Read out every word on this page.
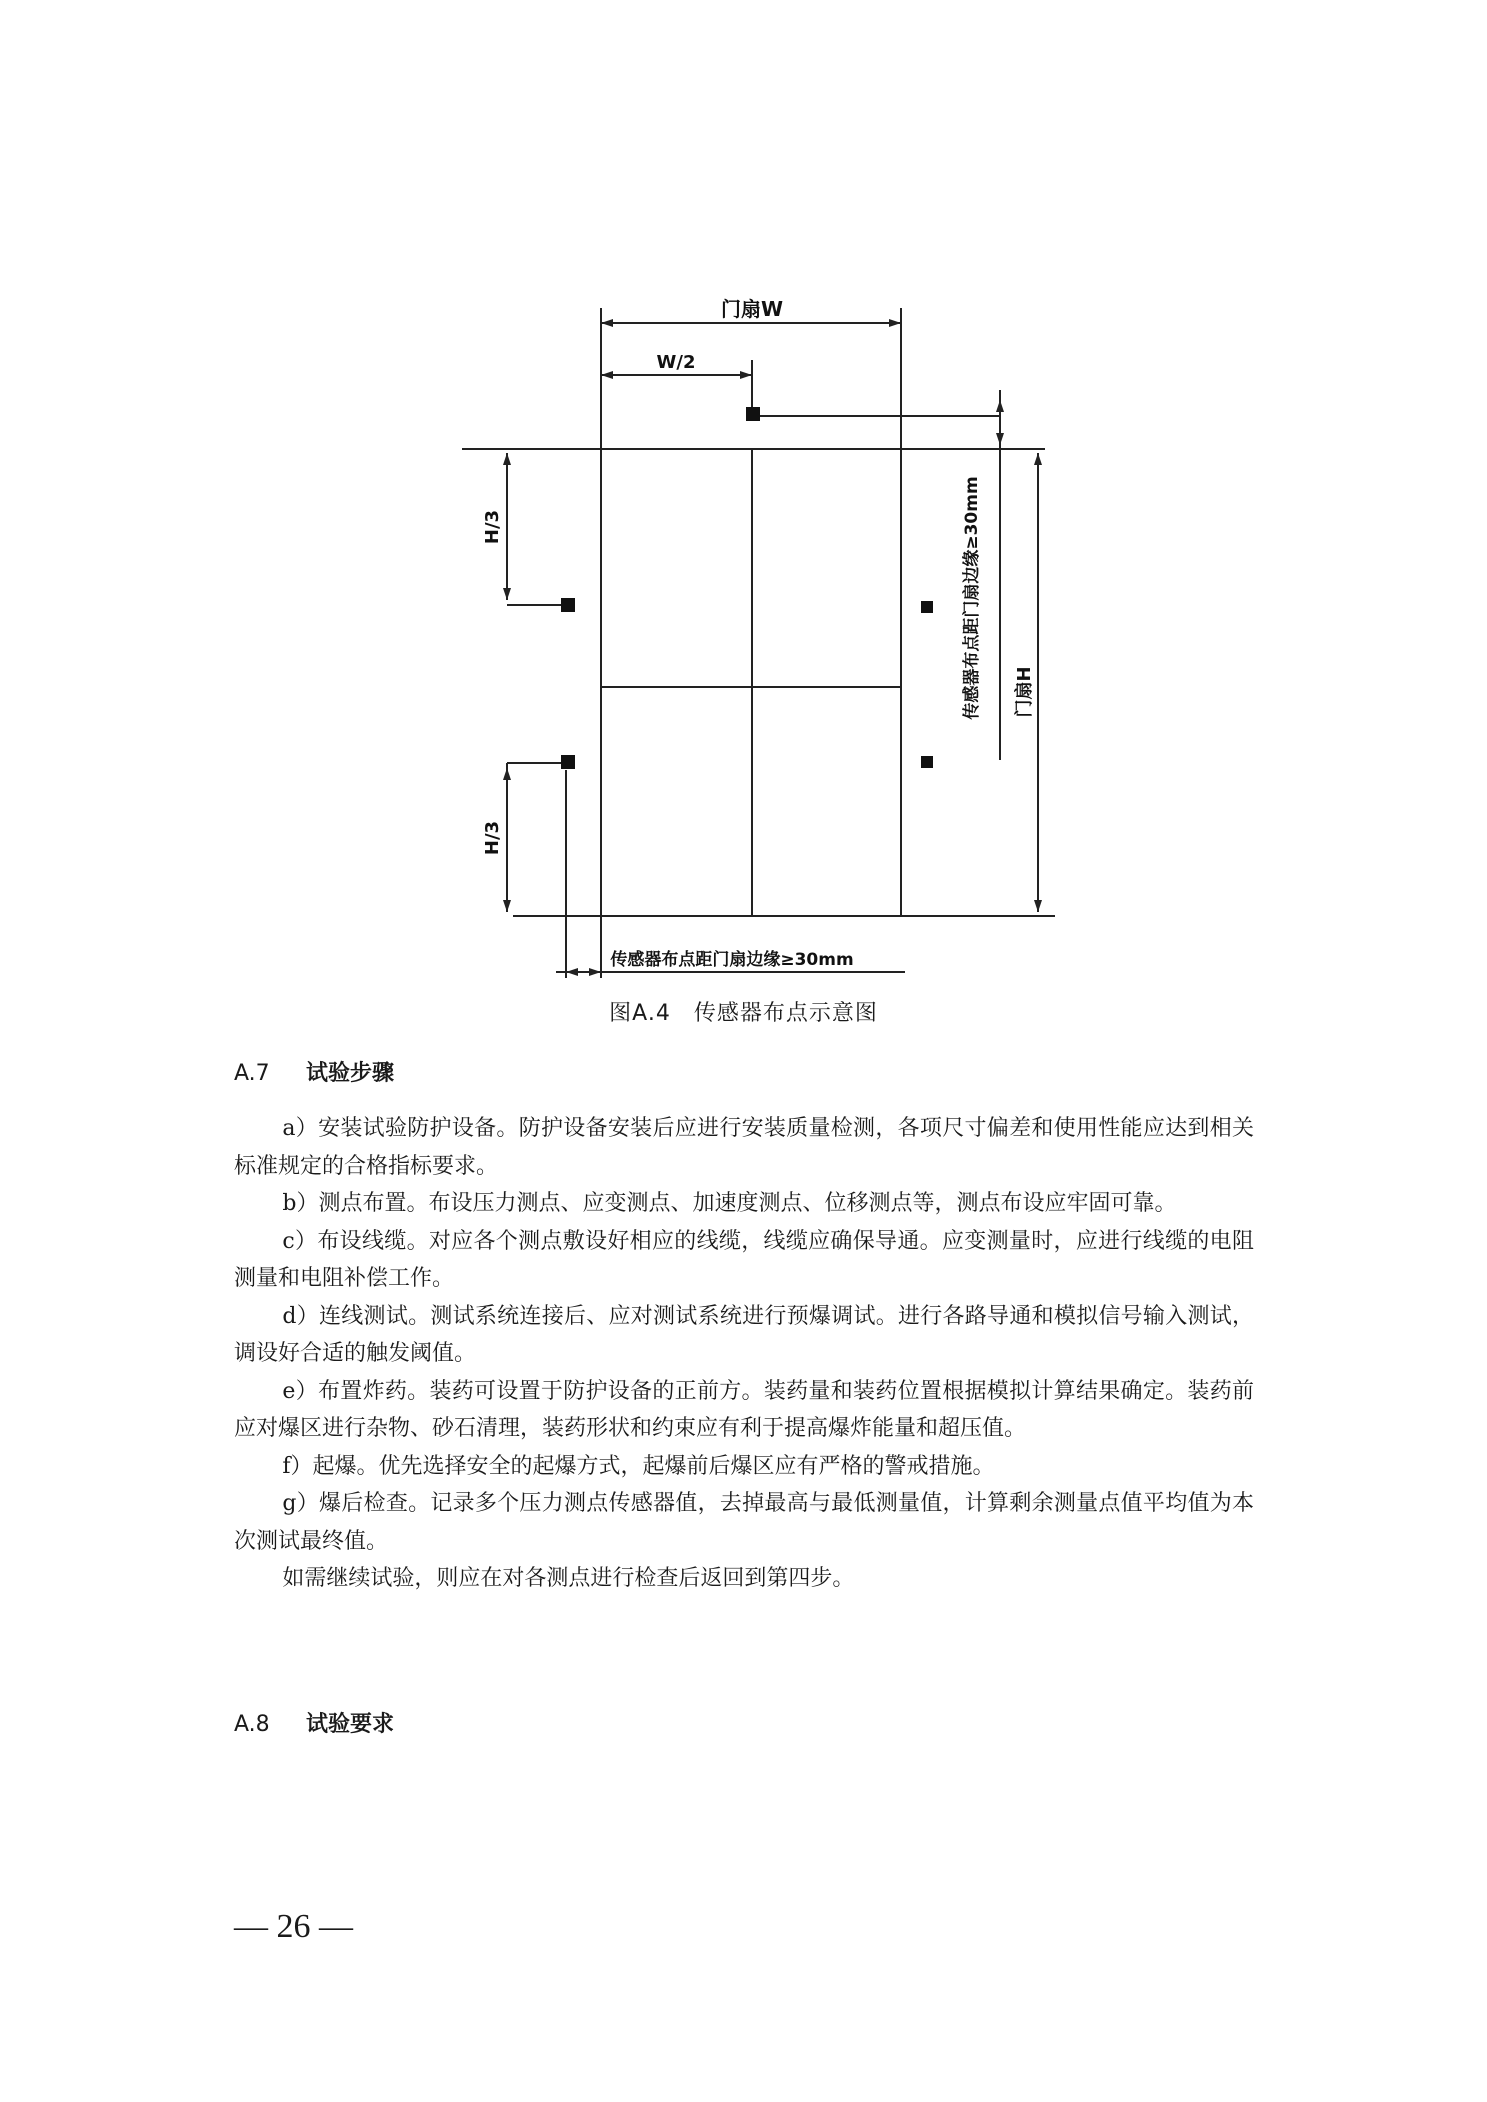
门扇W
W/2
H/3
H/3
传感器布点距门扇边缘≥30mm 门扇H
传感器布点距门扇边缘≥30mm
图A.4　传感器布点示意图
A.7 试验步骤

a）安装试验防护设备。防护设备安装后应进行安装质量检测，各项尺寸偏差和使用性能应达到相关标准规定的合格指标要求。

b）测点布置。布设压力测点、应变测点、加速度测点、位移测点等，测点布设应牢固可靠。

c）布设线缆。对应各个测点敷设好相应的线缆，线缆应确保导通。应变测量时，应进行线缆的电阻测量和电阻补偿工作。

d）连线测试。测试系统连接后、应对测试系统进行预爆调试。进行各路导通和模拟信号输入测试，调设好合适的触发阈值。

e）布置炸药。装药可设置于防护设备的正前方。装药量和装药位置根据模拟计算结果确定。装药前应对爆区进行杂物、砂石清理，装药形状和约束应有利于提高爆炸能量和超压值。

f）起爆。优先选择安全的起爆方式，起爆前后爆区应有严格的警戒措施。

g）爆后检查。记录多个压力测点传感器值，去掉最高与最低测量值，计算剩余测量点值平均值为本次测试最终值。

如需继续试验，则应在对各测点进行检查后返回到第四步。

A.8 试验要求
— 26 —
